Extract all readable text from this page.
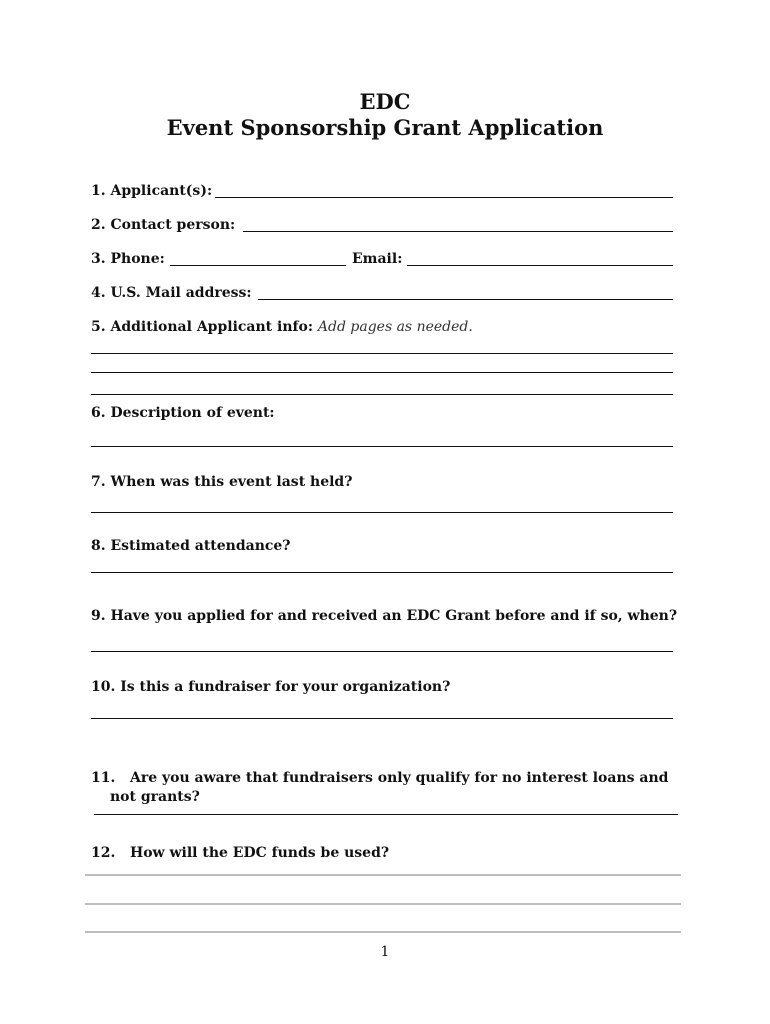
EDC
Event Sponsorship Grant Application
1. Applicant(s):
2. Contact person:
3. Phone:	Email:
4. U.S. Mail address:
5. Additional Applicant info: Add pages as needed.
6. Description of event:
7. When was this event last held?
8. Estimated attendance?
9. Have you applied for and received an EDC Grant before and if so, when?
10. Is this a fundraiser for your organization?
11.   Are you aware that fundraisers only qualify for no interest loans and
not grants?
12.   How will the EDC funds be used?
1
